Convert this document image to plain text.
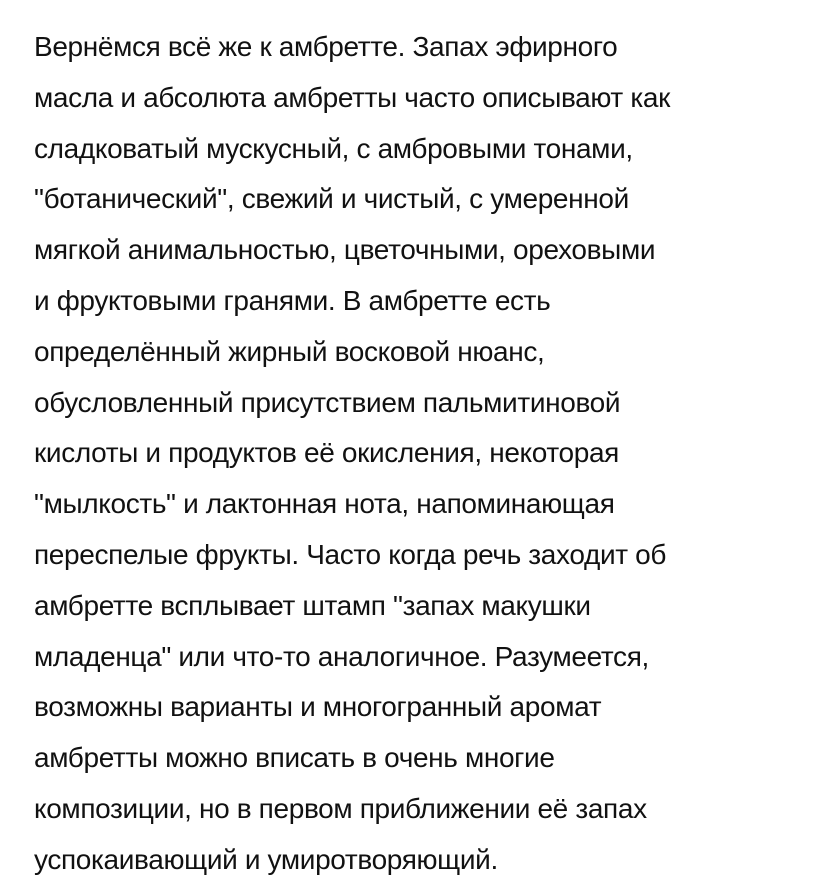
Вернёмся всё же к амбретте. Запах эфирного
масла и абсолюта амбретты часто описывают как
сладковатый мускусный, с амбровыми тонами,
"ботанический", свежий и чистый, с умеренной
мягкой анимальностью, цветочными, ореховыми
и фруктовыми гранями. В амбретте есть
определённый жирный восковой нюанс,
обусловленный присутствием пальмитиновой
кислоты и продуктов её окисления, некоторая
"мылкость" и лактонная нота, напоминающая
переспелые фрукты. Часто когда речь заходит об
амбретте всплывает штамп "запах макушки
младенца" или что-то аналогичное. Разумеется,
возможны варианты и многогранный аромат
амбретты можно вписать в очень многие
композиции, но в первом приближении её запах
успокаивающий и умиротворяющий.
